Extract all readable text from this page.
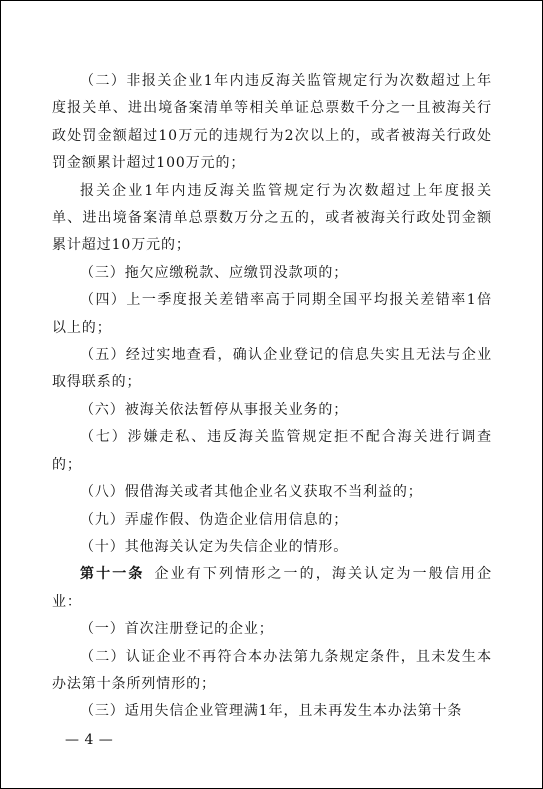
（二）非报关企业1年内违反海关监管规定行为次数超过上年度报关单、进出境备案清单等相关单证总票数千分之一且被海关行政处罚金额超过10万元的违规行为2次以上的，或者被海关行政处罚金额累计超过100万元的；

报关企业1年内违反海关监管规定行为次数超过上年度报关单、进出境备案清单总票数万分之五的，或者被海关行政处罚金额累计超过10万元的；

（三）拖欠应缴税款、应缴罚没款项的；

（四）上一季度报关差错率高于同期全国平均报关差错率1倍以上的；

（五）经过实地查看，确认企业登记的信息失实且无法与企业取得联系的；

（六）被海关依法暂停从事报关业务的；

（七）涉嫌走私、违反海关监管规定拒不配合海关进行调查的；

（八）假借海关或者其他企业名义获取不当利益的；

（九）弄虚作假、伪造企业信用信息的；

（十）其他海关认定为失信企业的情形。

第十一条 企业有下列情形之一的，海关认定为一般信用企业：

（一）首次注册登记的企业；

（二）认证企业不再符合本办法第九条规定条件，且未发生本办法第十条所列情形的；

（三）适用失信企业管理满1年，且未再发生本办法第十条

— 4 —
